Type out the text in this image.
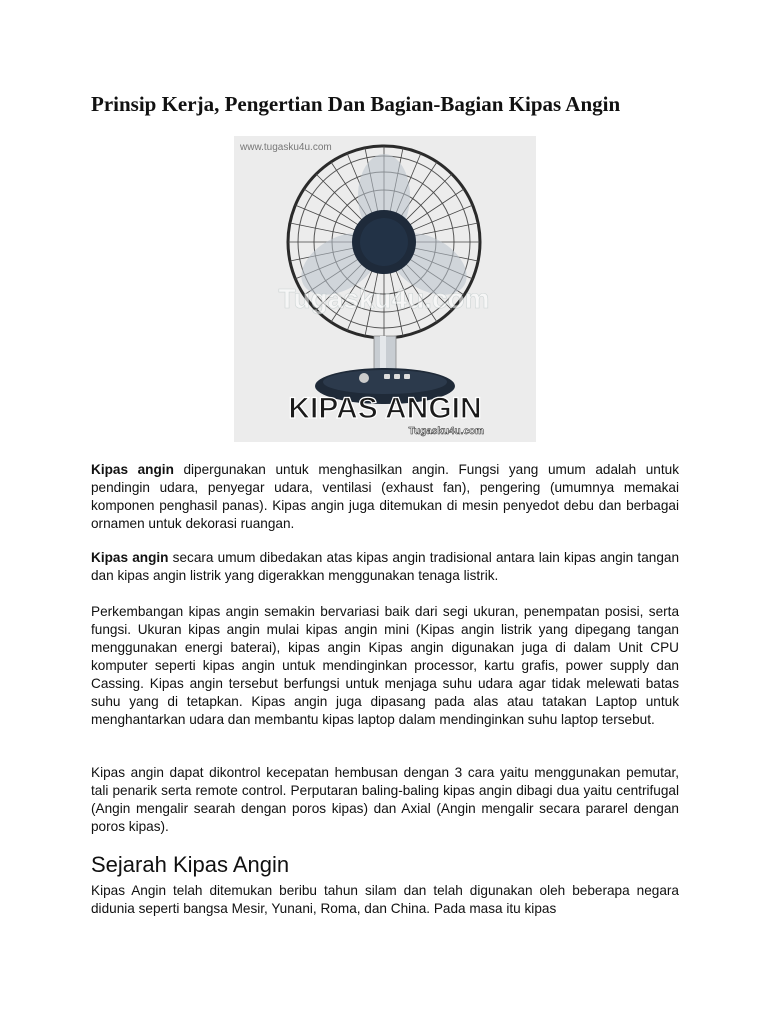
Prinsip Kerja, Pengertian Dan Bagian-Bagian Kipas Angin
www.tugasku4u.com
Tugasku4u.com
KIPAS ANGIN
Tugasku4u.com

Kipas angin dipergunakan untuk menghasilkan angin. Fungsi yang umum adalah untuk pendingin udara, penyegar udara, ventilasi (exhaust fan), pengering (umumnya memakai komponen penghasil panas). Kipas angin juga ditemukan di mesin penyedot debu dan berbagai ornamen untuk dekorasi ruangan.

Kipas angin secara umum dibedakan atas kipas angin tradisional antara lain kipas angin tangan dan kipas angin listrik yang digerakkan menggunakan tenaga listrik.

Perkembangan kipas angin semakin bervariasi baik dari segi ukuran, penempatan posisi, serta fungsi. Ukuran kipas angin mulai kipas angin mini (Kipas angin listrik yang dipegang tangan menggunakan energi baterai), kipas angin Kipas angin digunakan juga di dalam Unit CPU komputer seperti kipas angin untuk mendinginkan processor, kartu grafis, power supply dan Cassing. Kipas angin tersebut berfungsi untuk menjaga suhu udara agar tidak melewati batas suhu yang di tetapkan. Kipas angin juga dipasang pada alas atau tatakan Laptop untuk menghantarkan udara dan membantu kipas laptop dalam mendinginkan suhu laptop tersebut.

Kipas angin dapat dikontrol kecepatan hembusan dengan 3 cara yaitu menggunakan pemutar, tali penarik serta remote control. Perputaran baling-baling kipas angin dibagi dua yaitu centrifugal (Angin mengalir searah dengan poros kipas) dan Axial (Angin mengalir secara pararel dengan poros kipas).

Sejarah Kipas Angin

Kipas Angin telah ditemukan beribu tahun silam dan telah digunakan oleh beberapa negara didunia seperti bangsa Mesir, Yunani, Roma, dan China. Pada masa itu kipas
